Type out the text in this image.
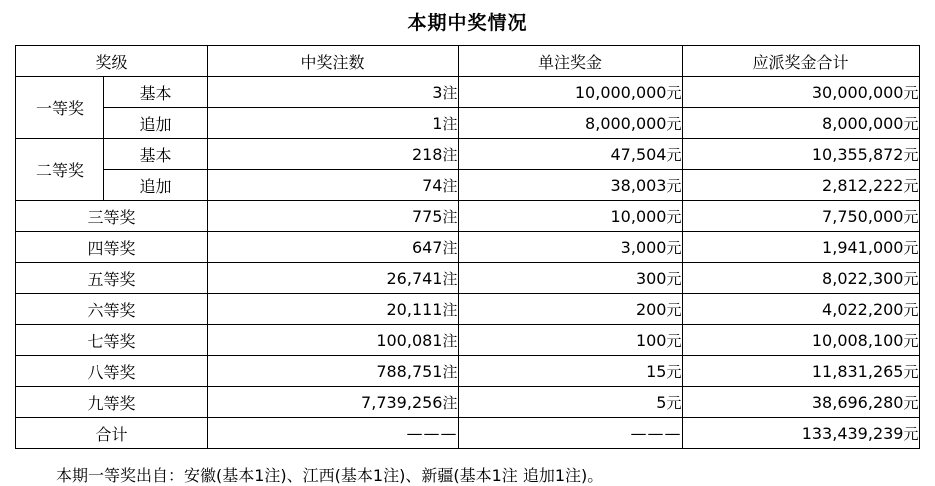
本期中奖情况
奖级		中奖注数	单注奖金	应派奖金合计
一等奖	基本	3注	10,000,000元	30,000,000元
	追加	1注	8,000,000元	8,000,000元
二等奖	基本	218注	47,504元	10,355,872元
	追加	74注	38,003元	2,812,222元
三等奖		775注	10,000元	7,750,000元
四等奖		647注	3,000元	1,941,000元
五等奖		26,741注	300元	8,022,300元
六等奖		20,111注	200元	4,022,200元
七等奖		100,081注	100元	10,008,100元
八等奖		788,751注	15元	11,831,265元
九等奖		7,739,256注	5元	38,696,280元
合计		———	———	133,439,239元
本期一等奖出自：安徽(基本1注)、江西(基本1注)、新疆(基本1注 追加1注)。
